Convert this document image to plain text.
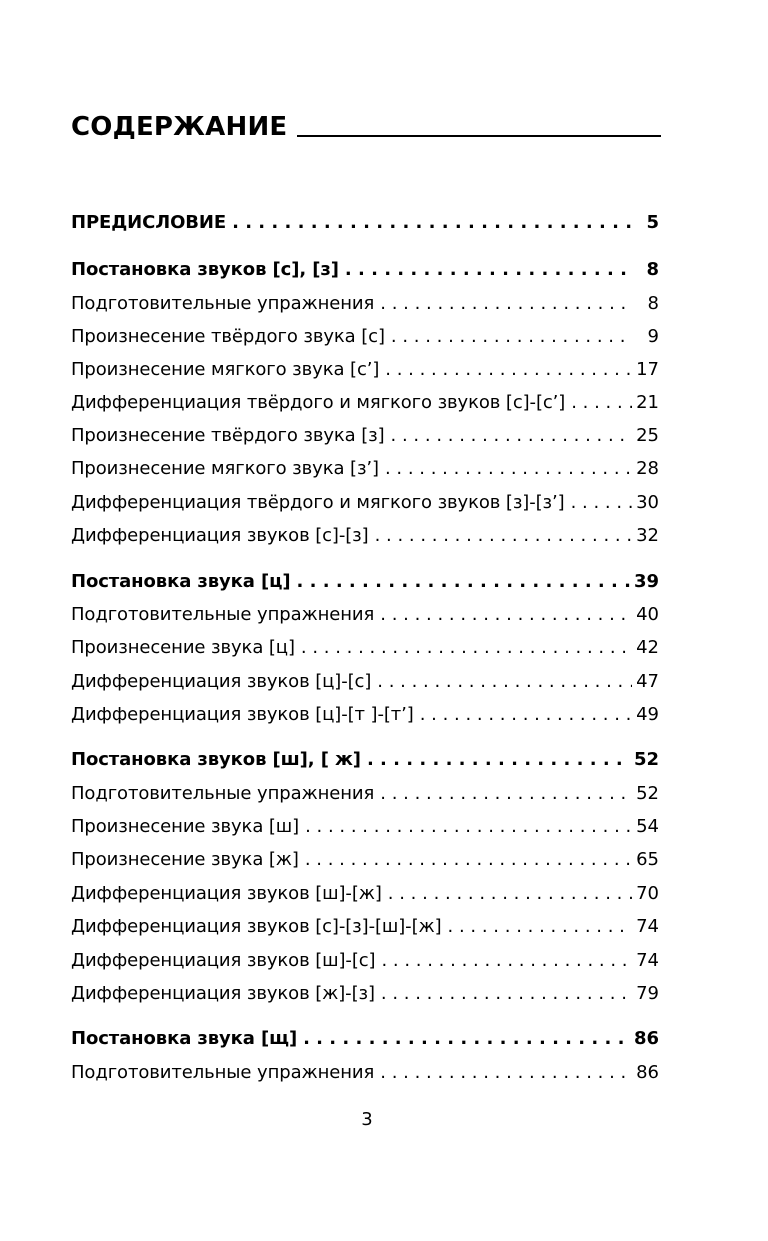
СОДЕРЖАНИЕ
ПРЕДИСЛОВИЕ . . .	5
Постановка звуков [с], [з] . . .	8
Подготовительные упражнения . . .	8
Произнесение твёрдого звука [с] . . .	9
Произнесение мягкого звука [с’] . . .	17
Дифференциация твёрдого и мягкого звуков [с]-[с’] . . .	21
Произнесение твёрдого звука [з] . . .	25
Произнесение мягкого звука [з’] . . .	28
Дифференциация твёрдого и мягкого звуков [з]-[з’] . . .	30
Дифференциация звуков [с]-[з] . . .	32
Постановка звука [ц] . . .	39
Подготовительные упражнения . . .	40
Произнесение звука [ц] . . .	42
Дифференциация звуков [ц]-[с] . . .	47
Дифференциация звуков [ц]-[т ]-[т’] . . .	49
Постановка звуков [ш], [ ж] . . .	52
Подготовительные упражнения . . .	52
Произнесение звука [ш] . . .	54
Произнесение звука [ж] . . .	65
Дифференциация звуков [ш]-[ж] . . .	70
Дифференциация звуков [с]-[з]-[ш]-[ж] . . .	74
Дифференциация звуков [ш]-[с] . . .	74
Дифференциация звуков [ж]-[з] . . .	79
Постановка звука [щ] . . .	86
Подготовительные упражнения . . .	86
3
